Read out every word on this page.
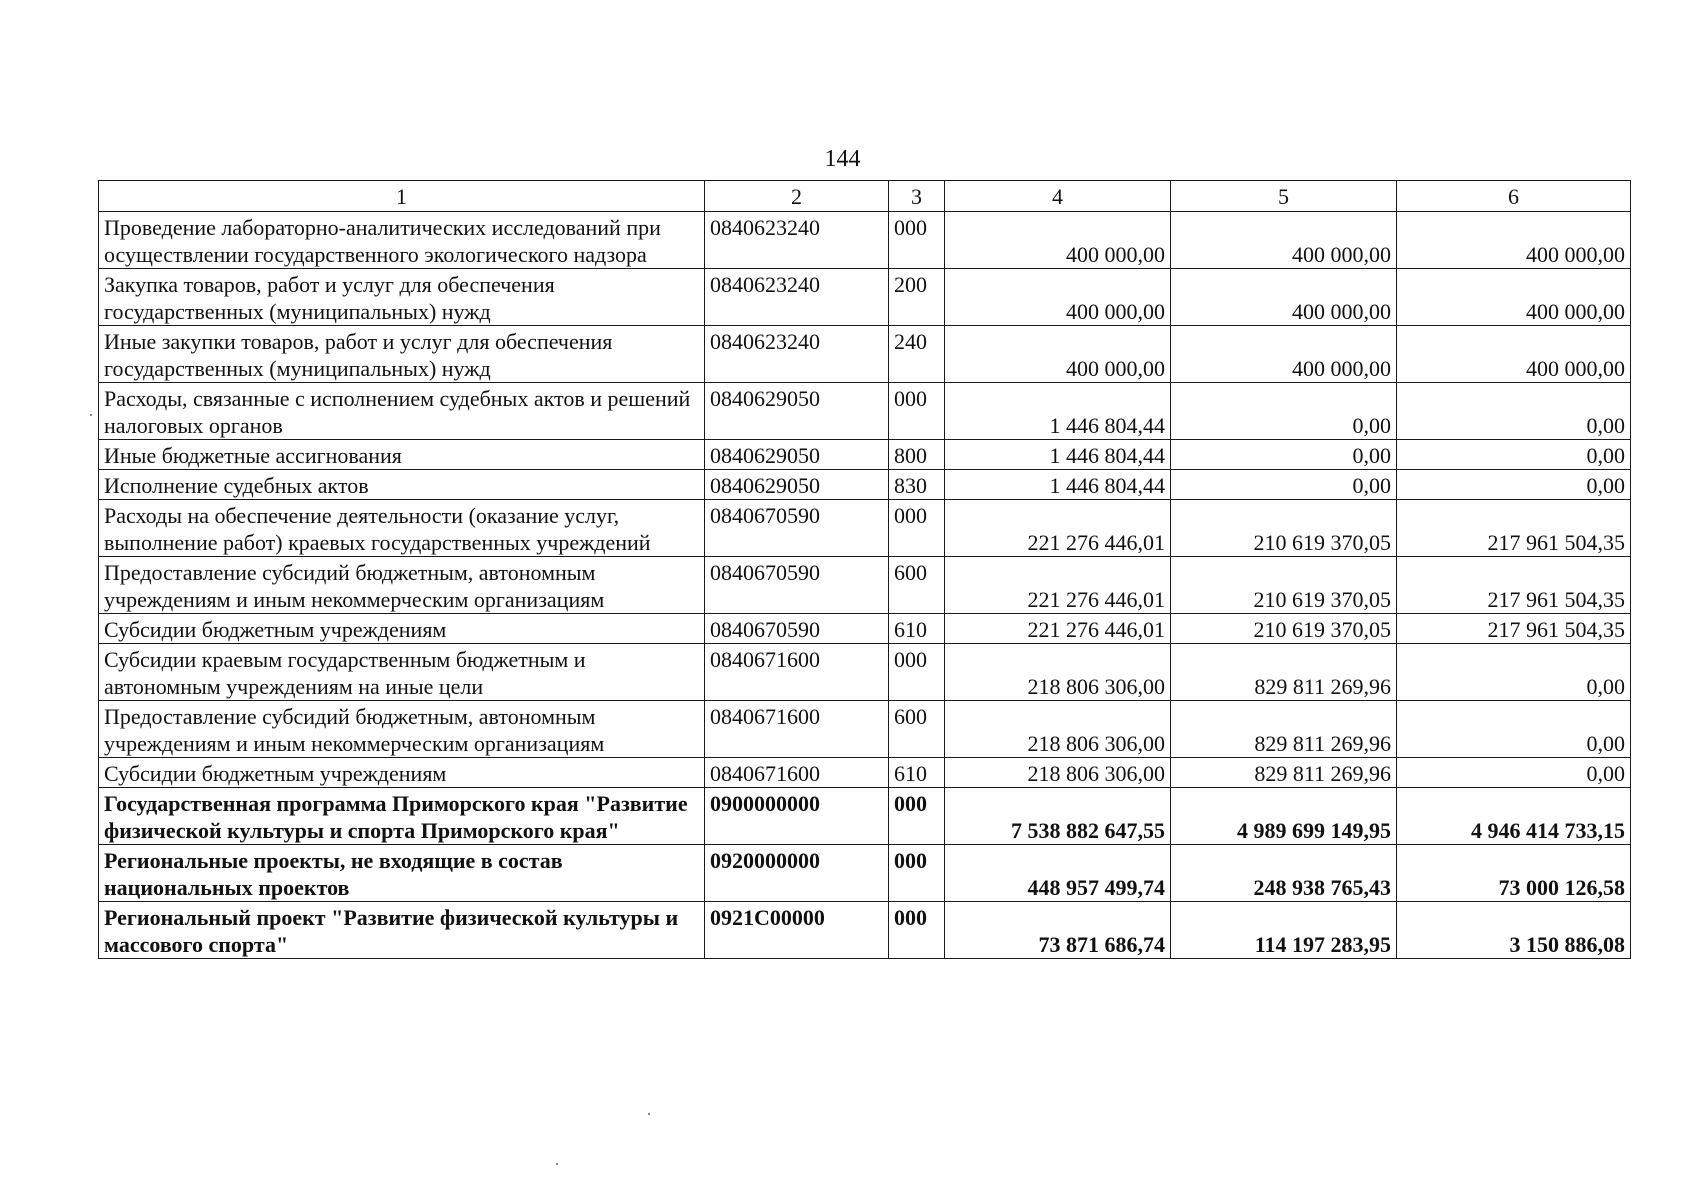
144
1	2	3	4	5	6
Проведение лабораторно-аналитических исследований при осуществлении государственного экологического надзора	0840623240	000	400 000,00	400 000,00	400 000,00
Закупка товаров, работ и услуг для обеспечения государственных (муниципальных) нужд	0840623240	200	400 000,00	400 000,00	400 000,00
Иные закупки товаров, работ и услуг для обеспечения государственных (муниципальных) нужд	0840623240	240	400 000,00	400 000,00	400 000,00
Расходы, связанные с исполнением судебных актов и решений налоговых органов	0840629050	000	1 446 804,44	0,00	0,00
Иные бюджетные ассигнования	0840629050	800	1 446 804,44	0,00	0,00
Исполнение судебных актов	0840629050	830	1 446 804,44	0,00	0,00
Расходы на обеспечение деятельности (оказание услуг, выполнение работ) краевых государственных учреждений	0840670590	000	221 276 446,01	210 619 370,05	217 961 504,35
Предоставление субсидий бюджетным, автономным учреждениям и иным некоммерческим организациям	0840670590	600	221 276 446,01	210 619 370,05	217 961 504,35
Субсидии бюджетным учреждениям	0840670590	610	221 276 446,01	210 619 370,05	217 961 504,35
Субсидии краевым государственным бюджетным и автономным учреждениям на иные цели	0840671600	000	218 806 306,00	829 811 269,96	0,00
Предоставление субсидий бюджетным, автономным учреждениям и иным некоммерческим организациям	0840671600	600	218 806 306,00	829 811 269,96	0,00
Субсидии бюджетным учреждениям	0840671600	610	218 806 306,00	829 811 269,96	0,00
Государственная программа Приморского края "Развитие физической культуры и спорта Приморского края"	0900000000	000	7 538 882 647,55	4 989 699 149,95	4 946 414 733,15
Региональные проекты, не входящие в состав национальных проектов	0920000000	000	448 957 499,74	248 938 765,43	73 000 126,58
Региональный проект "Развитие физической культуры и массового спорта"	0921С00000	000	73 871 686,74	114 197 283,95	3 150 886,08
